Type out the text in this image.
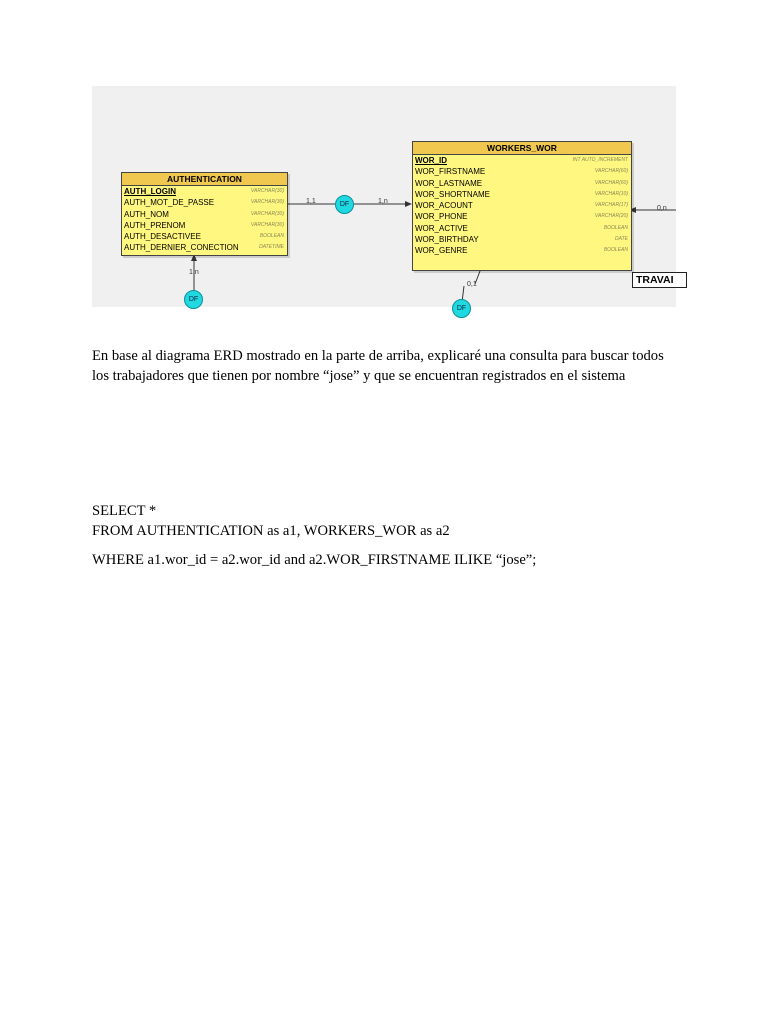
AUTHENTICATION
AUTH_LOGIN	VARCHAR(30)
AUTH_MOT_DE_PASSE	VARCHAR(30)
AUTH_NOM	VARCHAR(30)
AUTH_PRENOM	VARCHAR(30)
AUTH_DESACTIVEE	BOOLEAN
AUTH_DERNIER_CONECTION	DATETIME
WORKERS_WOR
WOR_ID	INT AUTO_INCREMENT
WOR_FIRSTNAME	VARCHAR(60)
WOR_LASTNAME	VARCHAR(60)
WOR_SHORTNAME	VARCHAR(10)
WOR_ACOUNT	VARCHAR(17)
WOR_PHONE	VARCHAR(20)
WOR_ACTIVE	BOOLEAN
WOR_BIRTHDAY	DATE
WOR_GENRE	BOOLEAN
DF
DF
DF
1,1	1,n
1,n
0,1
0,n
TRAVAI
En base al diagrama ERD mostrado en la parte de arriba, explicaré una consulta para buscar todos los trabajadores que tienen por nombre “jose” y que se encuentran registrados en el sistema
SELECT *
FROM AUTHENTICATION as a1, WORKERS_WOR as a2
WHERE a1.wor_id = a2.wor_id and a2.WOR_FIRSTNAME ILIKE “jose”;
